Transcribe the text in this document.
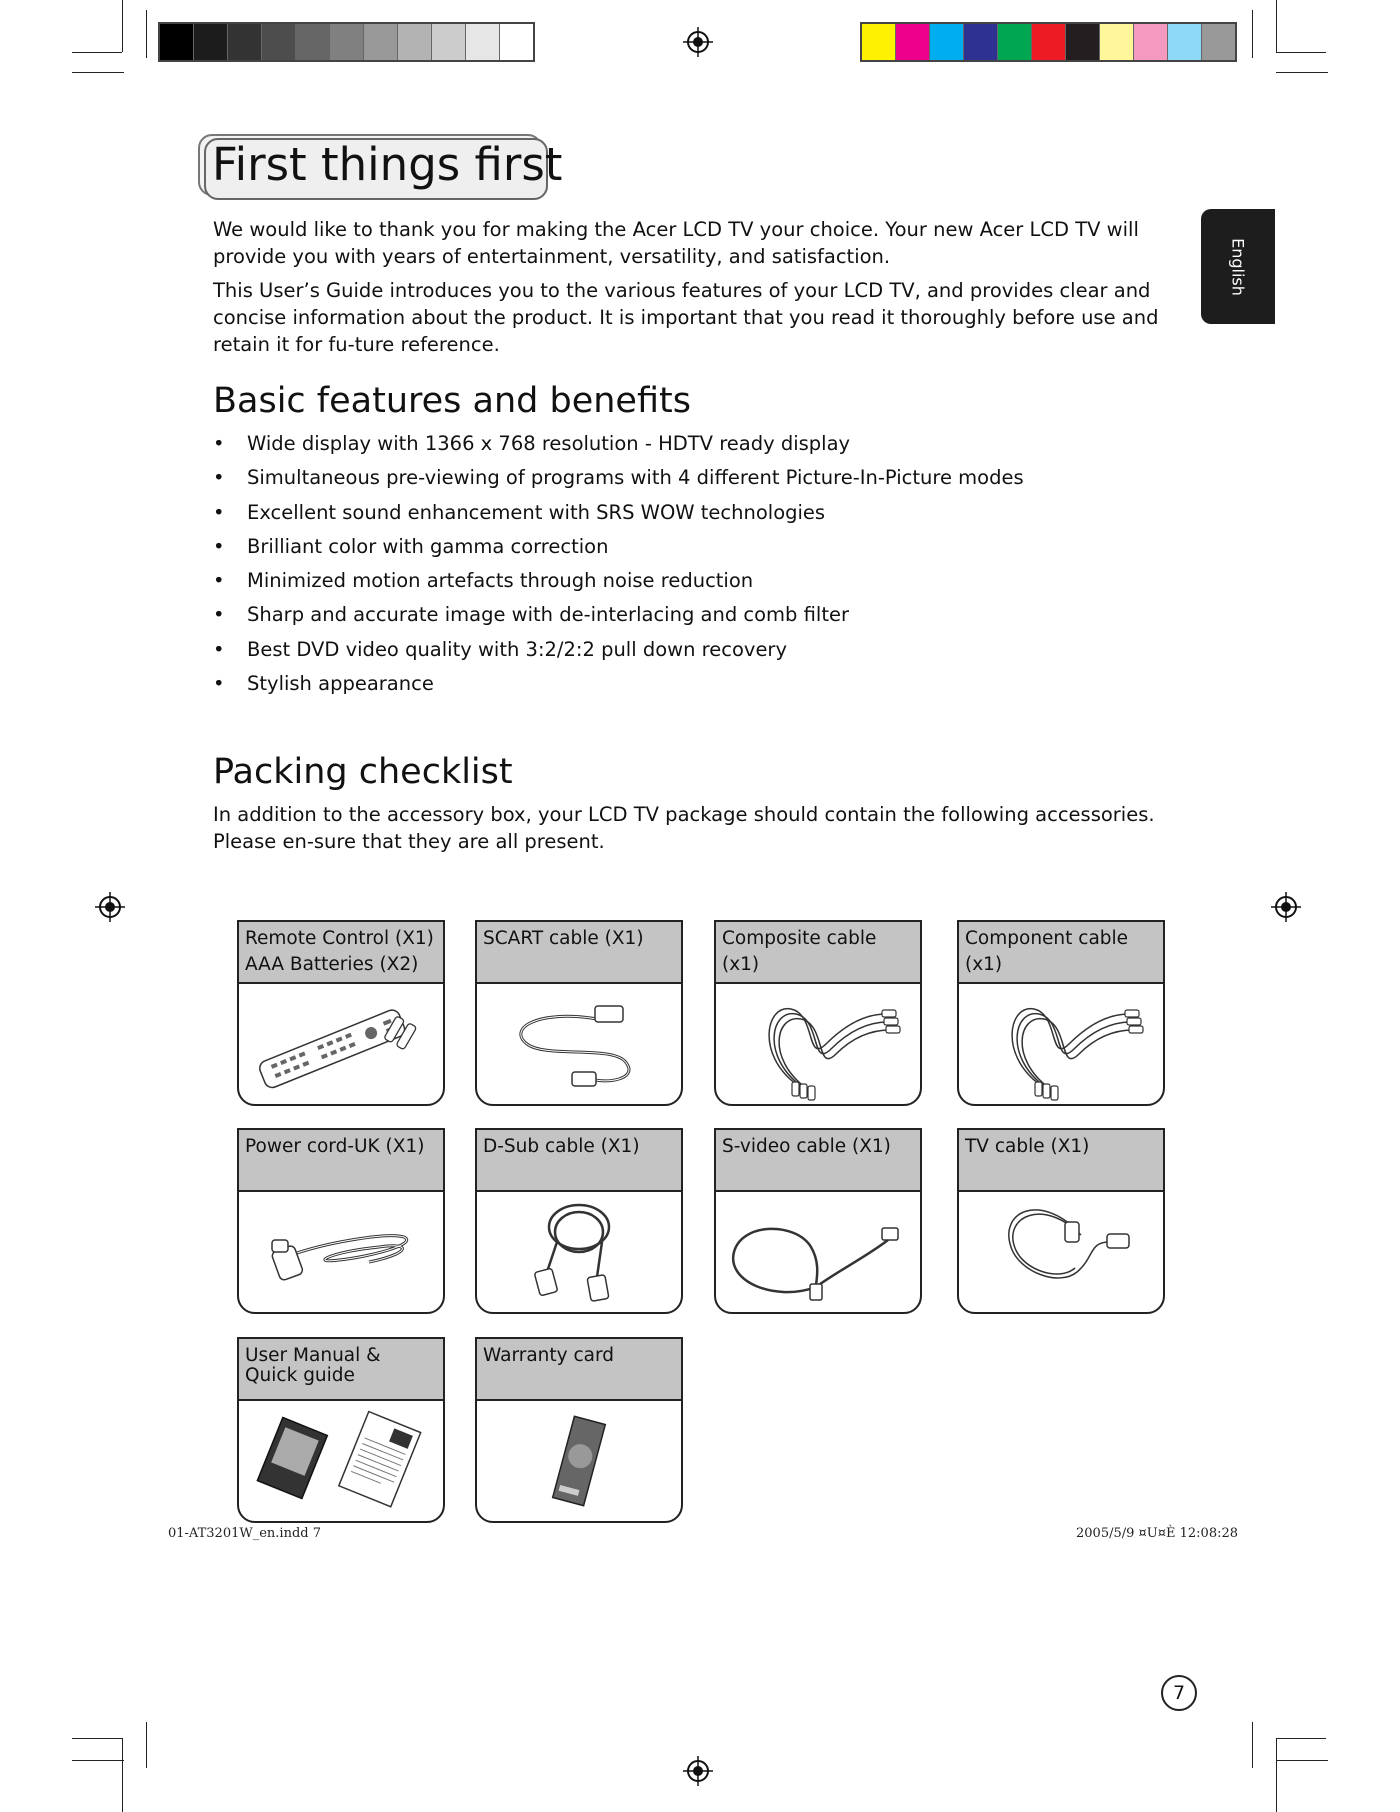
First things first
English

We would like to thank you for making the Acer LCD TV your choice. Your new Acer LCD TV will provide you with years of entertainment, versatility, and satisfaction.

This User’s Guide introduces you to the various features of your LCD TV, and provides clear and concise information about the product. It is important that you read it thoroughly before use and retain it for fu-ture reference.

Basic features and benefits
• Wide display with 1366 x 768 resolution - HDTV ready display
• Simultaneous pre-viewing of programs with 4 different Picture-In-Picture modes
• Excellent sound enhancement with SRS WOW technologies
• Brilliant color with gamma correction
• Minimized motion artefacts through noise reduction
• Sharp and accurate image with de-interlacing and comb filter
• Best DVD video quality with 3:2/2:2 pull down recovery
• Stylish appearance
Packing checklist

In addition to the accessory box, your LCD TV package should contain the following accessories. Please en-sure that they are all present.

Remote Control (X1)
AAA Batteries (X2)
SCART cable (X1)	Composite cable (x1)
Component cable (x1)
Power cord-UK (X1)	D-Sub cable (X1)	S-video cable (X1)	TV cable (X1)
User Manual &
Quick guide
Warranty card
7
01-AT3201W_en.indd 7	2005/5/9 ¤U¤È 12:08:28
